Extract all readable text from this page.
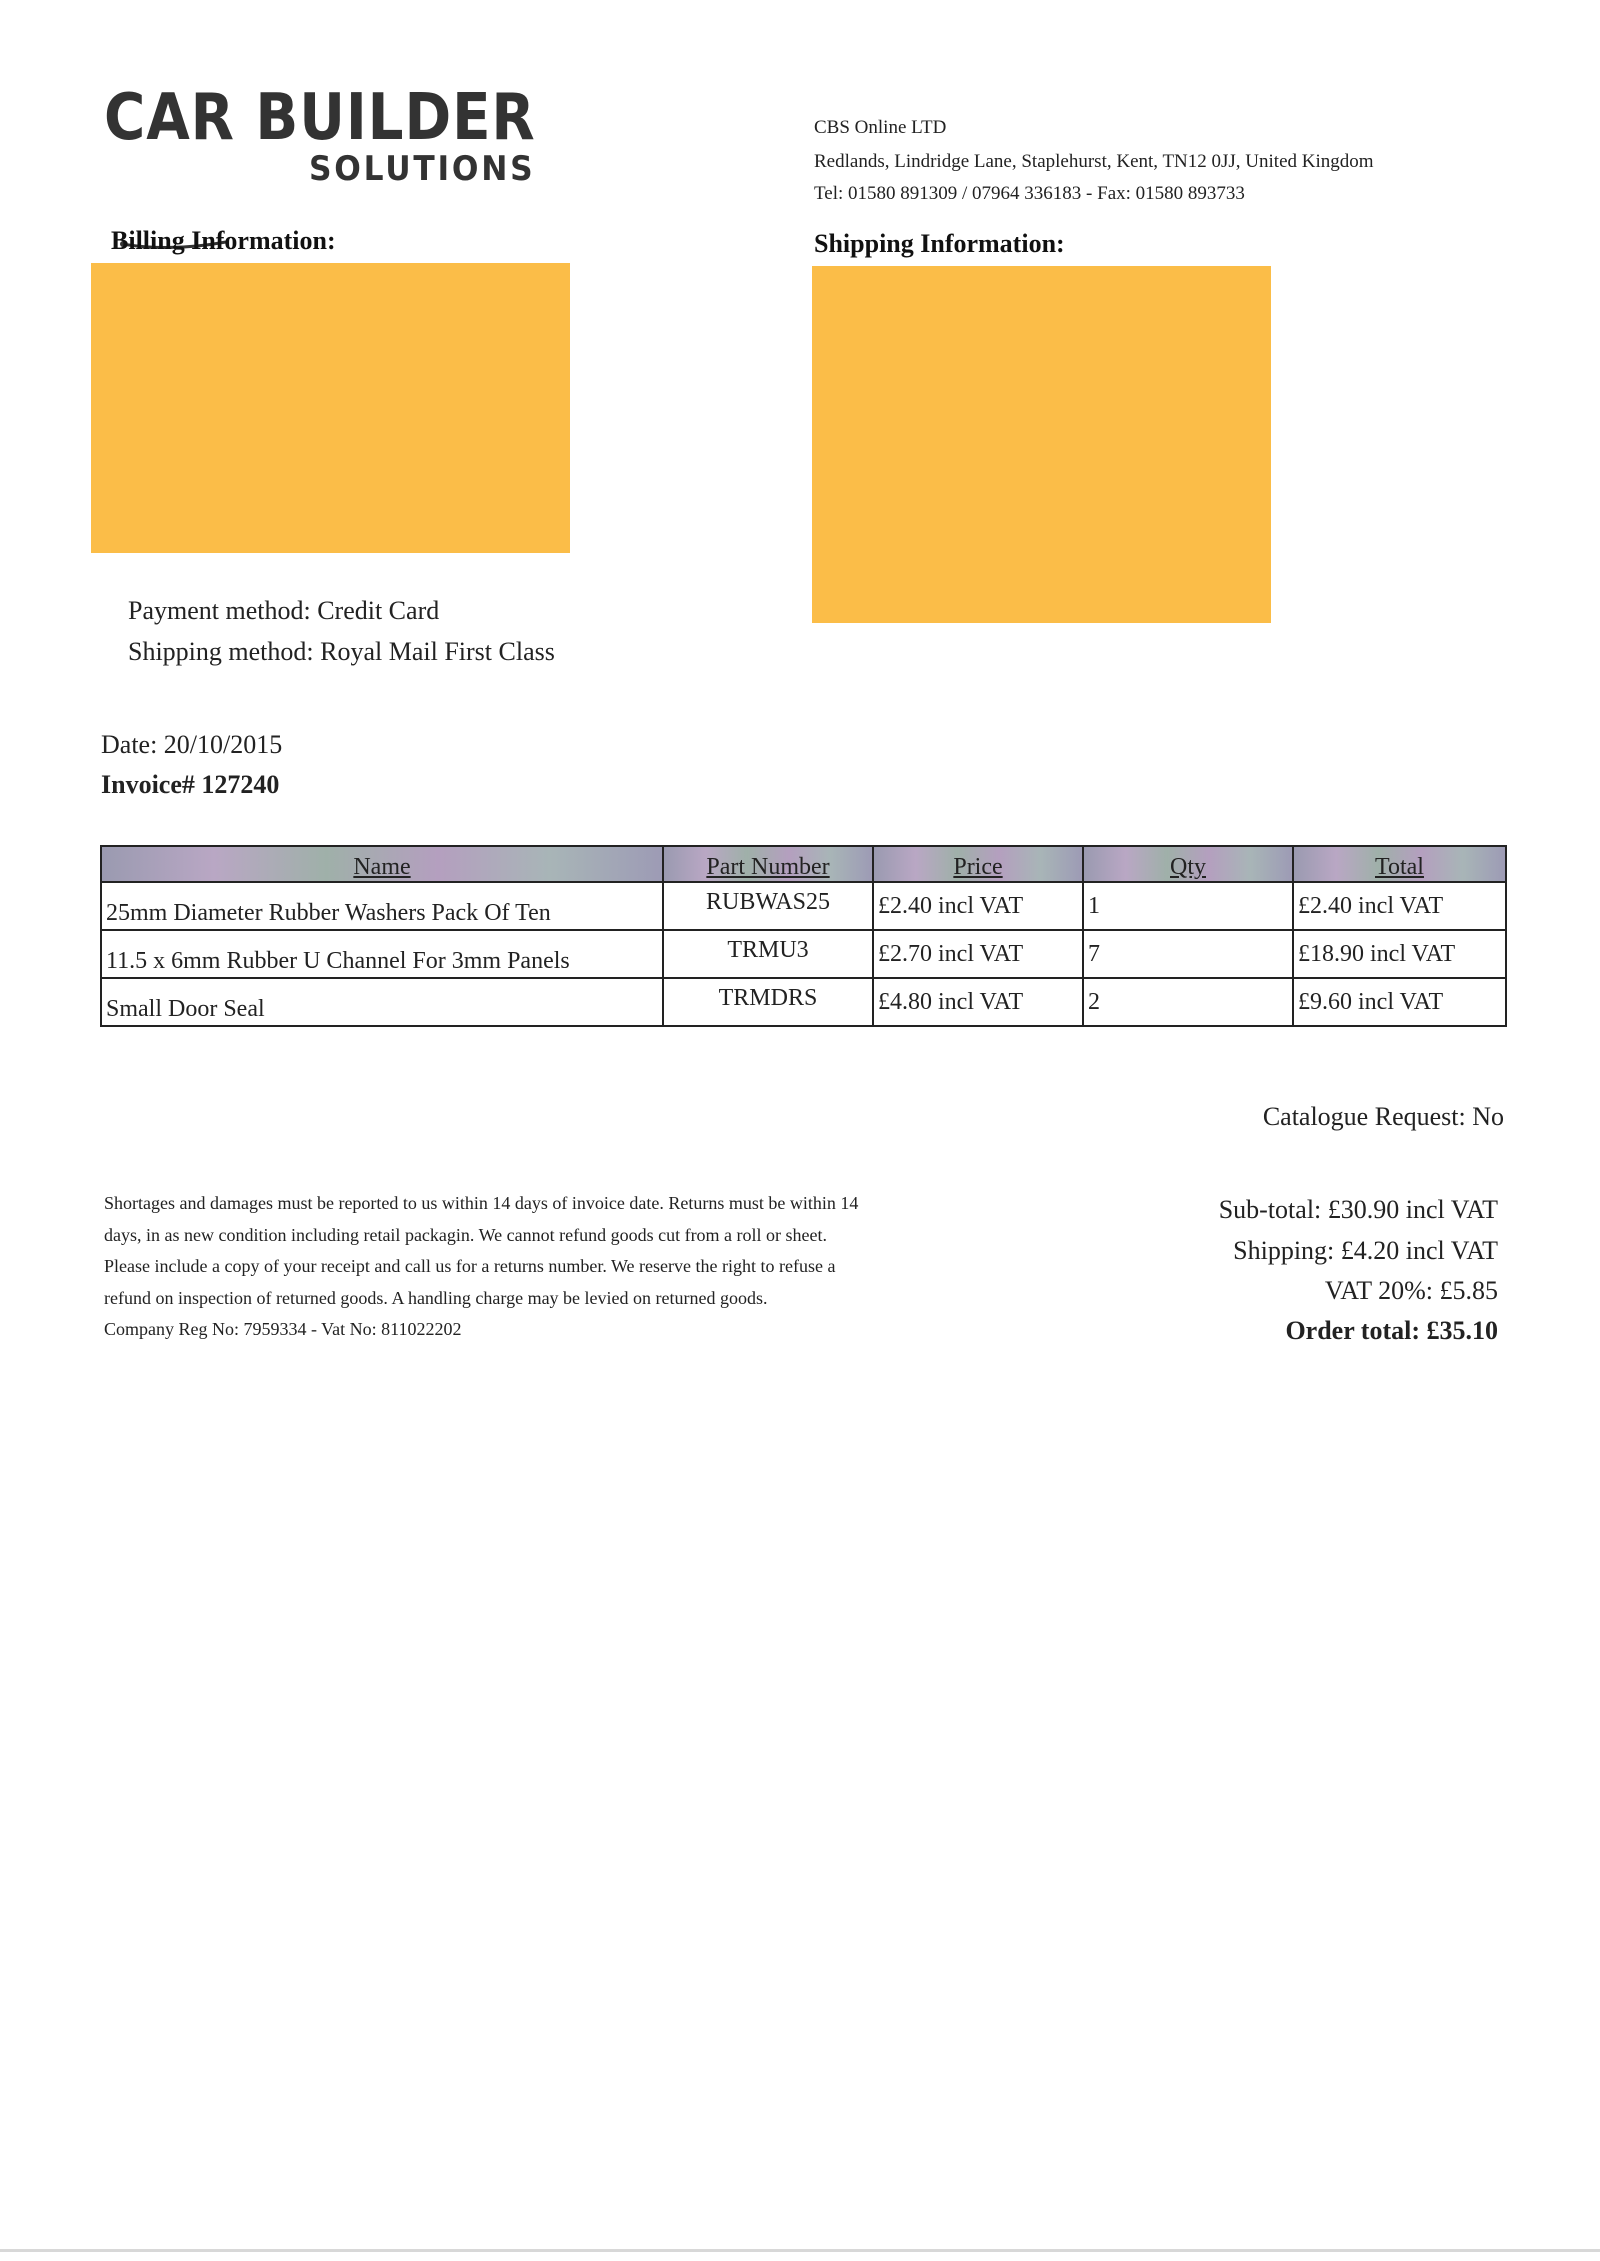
CAR BUILDER
SOLUTIONS
CBS Online LTD
Redlands, Lindridge Lane, Staplehurst, Kent, TN12 0JJ, United Kingdom
Tel: 01580 891309 / 07964 336183 - Fax: 01580 893733
Billing Information:	Shipping Information:
Payment method: Credit Card
Shipping method: Royal Mail First Class
Date: 20/10/2015
Invoice# 127240
Name	Part Number	Price	Qty	Total
25mm Diameter Rubber Washers Pack Of Ten	RUBWAS25	£2.40 incl VAT	1	£2.40 incl VAT
11.5 x 6mm Rubber U Channel For 3mm Panels	TRMU3	£2.70 incl VAT	7	£18.90 incl VAT
Small Door Seal	TRMDRS	£4.80 incl VAT	2	£9.60 incl VAT
Catalogue Request: No

Shortages and damages must be reported to us within 14 days of invoice date. Returns must be within 14

days, in as new condition including retail packagin. We cannot refund goods cut from a roll or sheet.

Please include a copy of your receipt and call us for a returns number. We reserve the right to refuse a

refund on inspection of returned goods. A handling charge may be levied on returned goods.

Company Reg No: 7959334 - Vat No: 811022202

Sub-total: £30.90 incl VAT
Shipping: £4.20 incl VAT
VAT 20%: £5.85
Order total: £35.10
